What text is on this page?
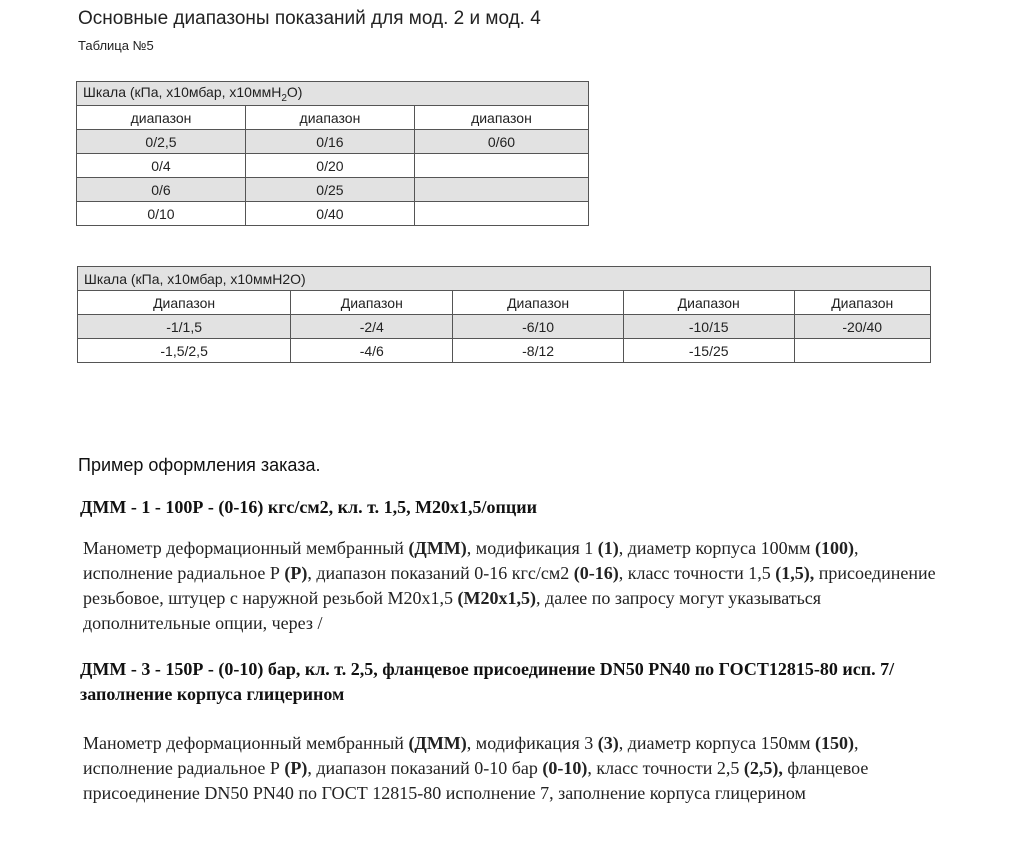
Основные диапазоны показаний для мод. 2 и мод. 4
Таблица №5
Шкала (кПа, х10мбар, х10ммН$_2$О)		
диапазон	диапазон	диапазон
0/2,5	0/16	0/60
0/4	0/20	
0/6	0/25	
0/10	0/40	
Шкала (кПа, х10мбар, х10ммН2О)				
Диапазон	Диапазон	Диапазон	Диапазон	Диапазон
-1/1,5	-2/4	-6/10	-10/15	-20/40
-1,5/2,5	-4/6	-8/12	-15/25	
Пример оформления заказа.
ДММ - 1 - 100Р - (0-16) кгс/см2, кл. т. 1,5, М20х1,5/опции
Манометр деформационный мембранный (ДММ), модификация 1 (1), диаметр корпуса 100мм (100), исполнение радиальное Р (Р), диапазон показаний 0-16 кгс/см2 (0-16), класс точности 1,5 (1,5), присоединение резьбовое, штуцер с наружной резьбой М20х1,5 (М20х1,5), далее по запросу могут указываться дополнительные опции, через /
ДММ - 3 - 150Р - (0-10) бар, кл. т. 2,5, фланцевое присоединение DN50 PN40 по ГОСТ12815-80 исп. 7/заполнение корпуса глицерином
Манометр деформационный мембранный (ДММ), модификация 3 (3), диаметр корпуса 150мм (150), исполнение радиальное Р (Р), диапазон показаний 0-10 бар (0-10), класс точности 2,5 (2,5), фланцевое присоединение DN50 PN40 по ГОСТ 12815-80 исполнение 7, заполнение корпуса глицерином
